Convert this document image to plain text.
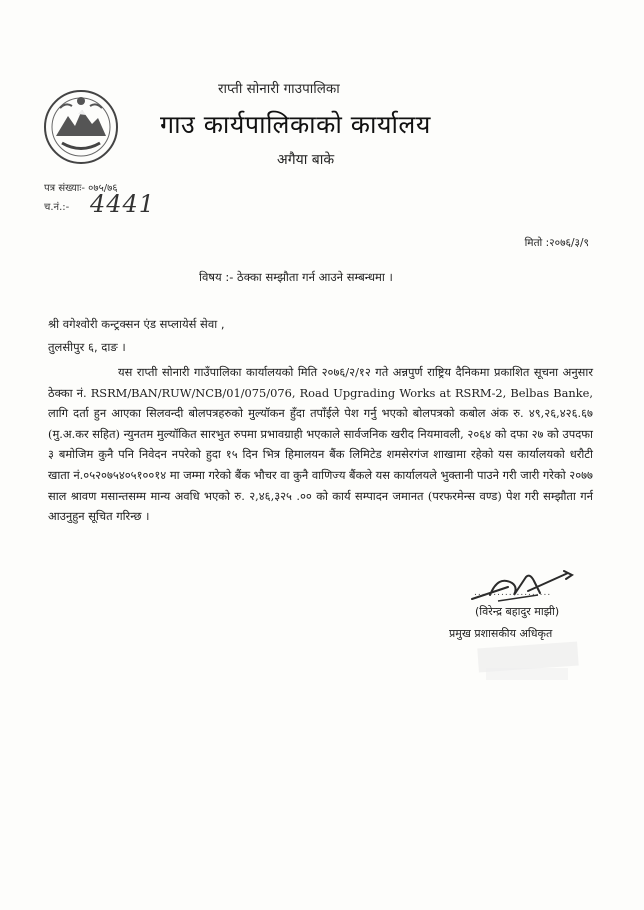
राप्ती सोनारी गाउपालिका
गाउ कार्यपालिकाको कार्यालय
अगैया बाके
पत्र संख्याः- ०७५/७६
च.नं.:- 4441
मितो :२०७६/३/९
विषय :- ठेक्का सम्झौता गर्न आउने सम्बन्धमा ।
श्री वगेश्वोरी कन्ट्रक्सन एंड सप्लायेर्स सेवा ,
तुलसीपुर ६, दाङ ।
यस राप्ती सोनारी गाउँपालिका कार्यालयको मिति २०७६/२/१२ गते अन्नपुर्ण राष्ट्रिय दैनिकमा प्रकाशित सूचना अनुसार ठेक्का नं. RSRM/BAN/RUW/NCB/01/075/076, Road Upgrading Works at RSRM-2, Belbas Banke, लागि दर्ता हुन आएका सिलवन्दी बोलपत्रहरुको मुल्यॉकन हुँदा तपाँईले पेश गर्नु भएको बोलपत्रको कबोल अंक रु. ४९,२६,४२६.६७ (मु.अ.कर सहित) न्युनतम मुल्यॉकित सारभुत रुपमा प्रभावग्राही भएकाले सार्वजनिक खरीद नियमावली, २०६४ को दफा २७ को उपदफा ३ बमोजिम कुनै पनि निवेदन नपरेको हुदा १५ दिन भित्र हिमालयन बैंक लिमिटेड शमसेरगंज शाखामा रहेको यस कार्यालयको धरौटी खाता नं.०५२०७५४०५१००१४ मा जम्मा गरेको बैंक भौचर वा कुनै वाणिज्य बैंकले यस कार्यालयले भुक्तानी पाउने गरी जारी गरेको २०७७ साल श्रावण मसान्तसम्म मान्य अवधि भएको रु. २,४६,३२५ .०० को कार्य सम्पादन जमानत (परफरमेन्स वण्ड) पेश गरी सम्झौता गर्न आउनुहुन सूचित गरिन्छ ।
....................
(विरेन्द्र बहादुर माझी)
प्रमुख प्रशासकीय अधिकृत
